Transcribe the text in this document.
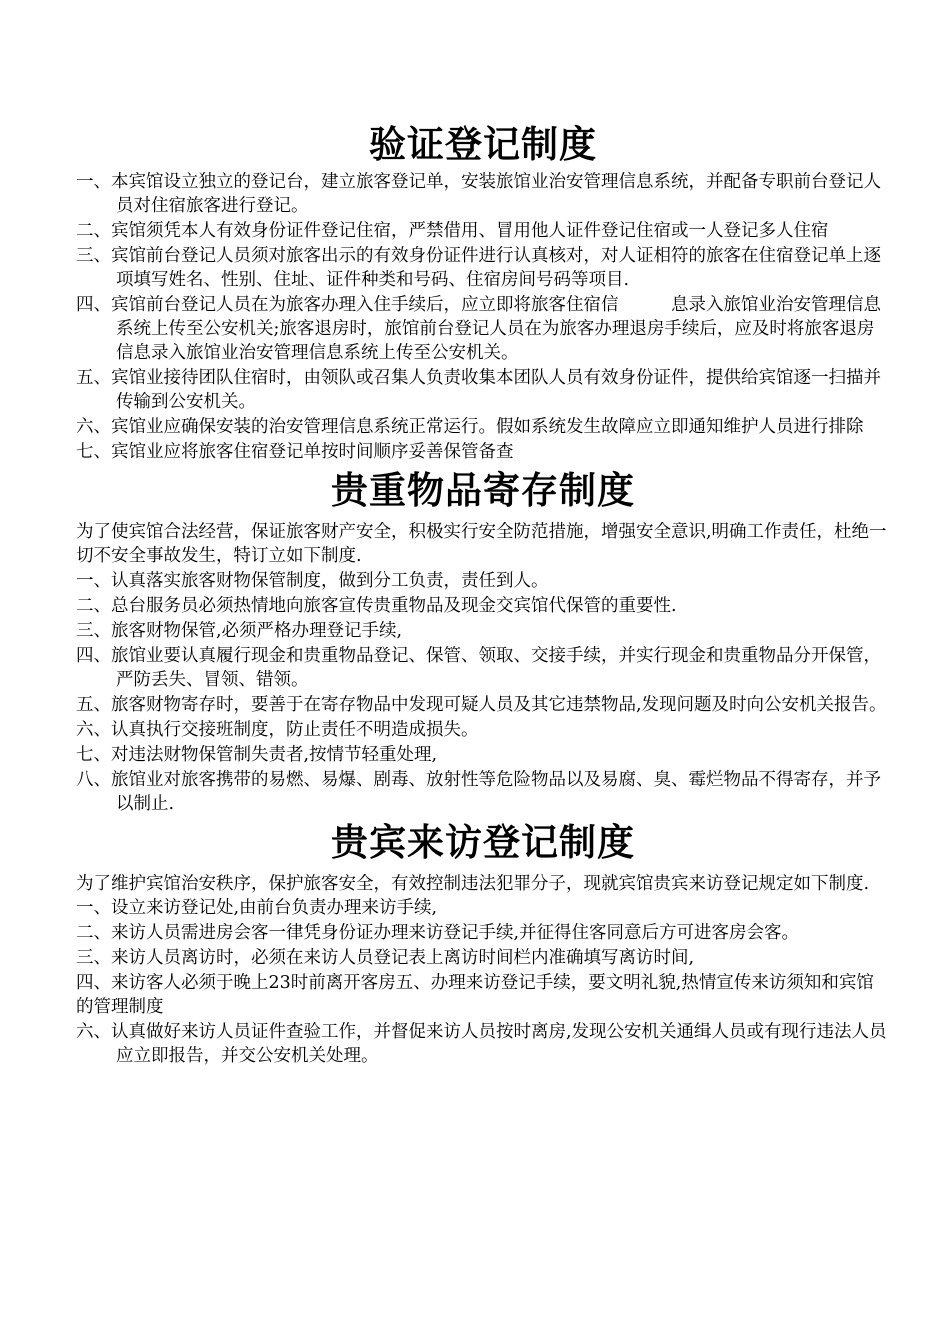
验证登记制度

一、本宾馆设立独立的登记台，建立旅客登记单，安装旅馆业治安管理信息系统，并配备专职前台登记人员对住宿旅客进行登记。

二、宾馆须凭本人有效身份证件登记住宿，严禁借用、冒用他人证件登记住宿或一人登记多人住宿

三、宾馆前台登记人员须对旅客出示的有效身份证件进行认真核对，对人证相符的旅客在住宿登记单上逐项填写姓名、性别、住址、证件种类和号码、住宿房间号码等项目.

四、宾馆前台登记人员在为旅客办理入住手续后，应立即将旅客住宿信　　　息录入旅馆业治安管理信息系统上传至公安机关;旅客退房时，旅馆前台登记人员在为旅客办理退房手续后，应及时将旅客退房信息录入旅馆业治安管理信息系统上传至公安机关。

五、宾馆业接待团队住宿时，由领队或召集人负责收集本团队人员有效身份证件，提供给宾馆逐一扫描并传输到公安机关。

六、宾馆业应确保安装的治安管理信息系统正常运行。假如系统发生故障应立即通知维护人员进行排除

七、宾馆业应将旅客住宿登记单按时间顺序妥善保管备查

贵重物品寄存制度

为了使宾馆合法经营，保证旅客财产安全，积极实行安全防范措施，增强安全意识,明确工作责任，杜绝一切不安全事故发生，特订立如下制度.

一、认真落实旅客财物保管制度，做到分工负责，责任到人。

二、总台服务员必须热情地向旅客宣传贵重物品及现金交宾馆代保管的重要性.

三、旅客财物保管,必须严格办理登记手续,

四、旅馆业要认真履行现金和贵重物品登记、保管、领取、交接手续，并实行现金和贵重物品分开保管，严防丢失、冒领、错领。

五、旅客财物寄存时，要善于在寄存物品中发现可疑人员及其它违禁物品,发现问题及时向公安机关报告。

六、认真执行交接班制度，防止责任不明造成损失。

七、对违法财物保管制失责者,按情节轻重处理,

八、旅馆业对旅客携带的易燃、易爆、剧毒、放射性等危险物品以及易腐、臭、霉烂物品不得寄存，并予以制止.

贵宾来访登记制度

为了维护宾馆治安秩序，保护旅客安全，有效控制违法犯罪分子，现就宾馆贵宾来访登记规定如下制度.一、设立来访登记处,由前台负责办理来访手续,

二、来访人员需进房会客一律凭身份证办理来访登记手续,并征得住客同意后方可进客房会客。

三、来访人员离访时，必须在来访人员登记表上离访时间栏内准确填写离访时间,

四、来访客人必须于晚上23时前离开客房五、办理来访登记手续，要文明礼貌,热情宣传来访须知和宾馆的管理制度

六、认真做好来访人员证件查验工作，并督促来访人员按时离房,发现公安机关通缉人员或有现行违法人员应立即报告，并交公安机关处理。
